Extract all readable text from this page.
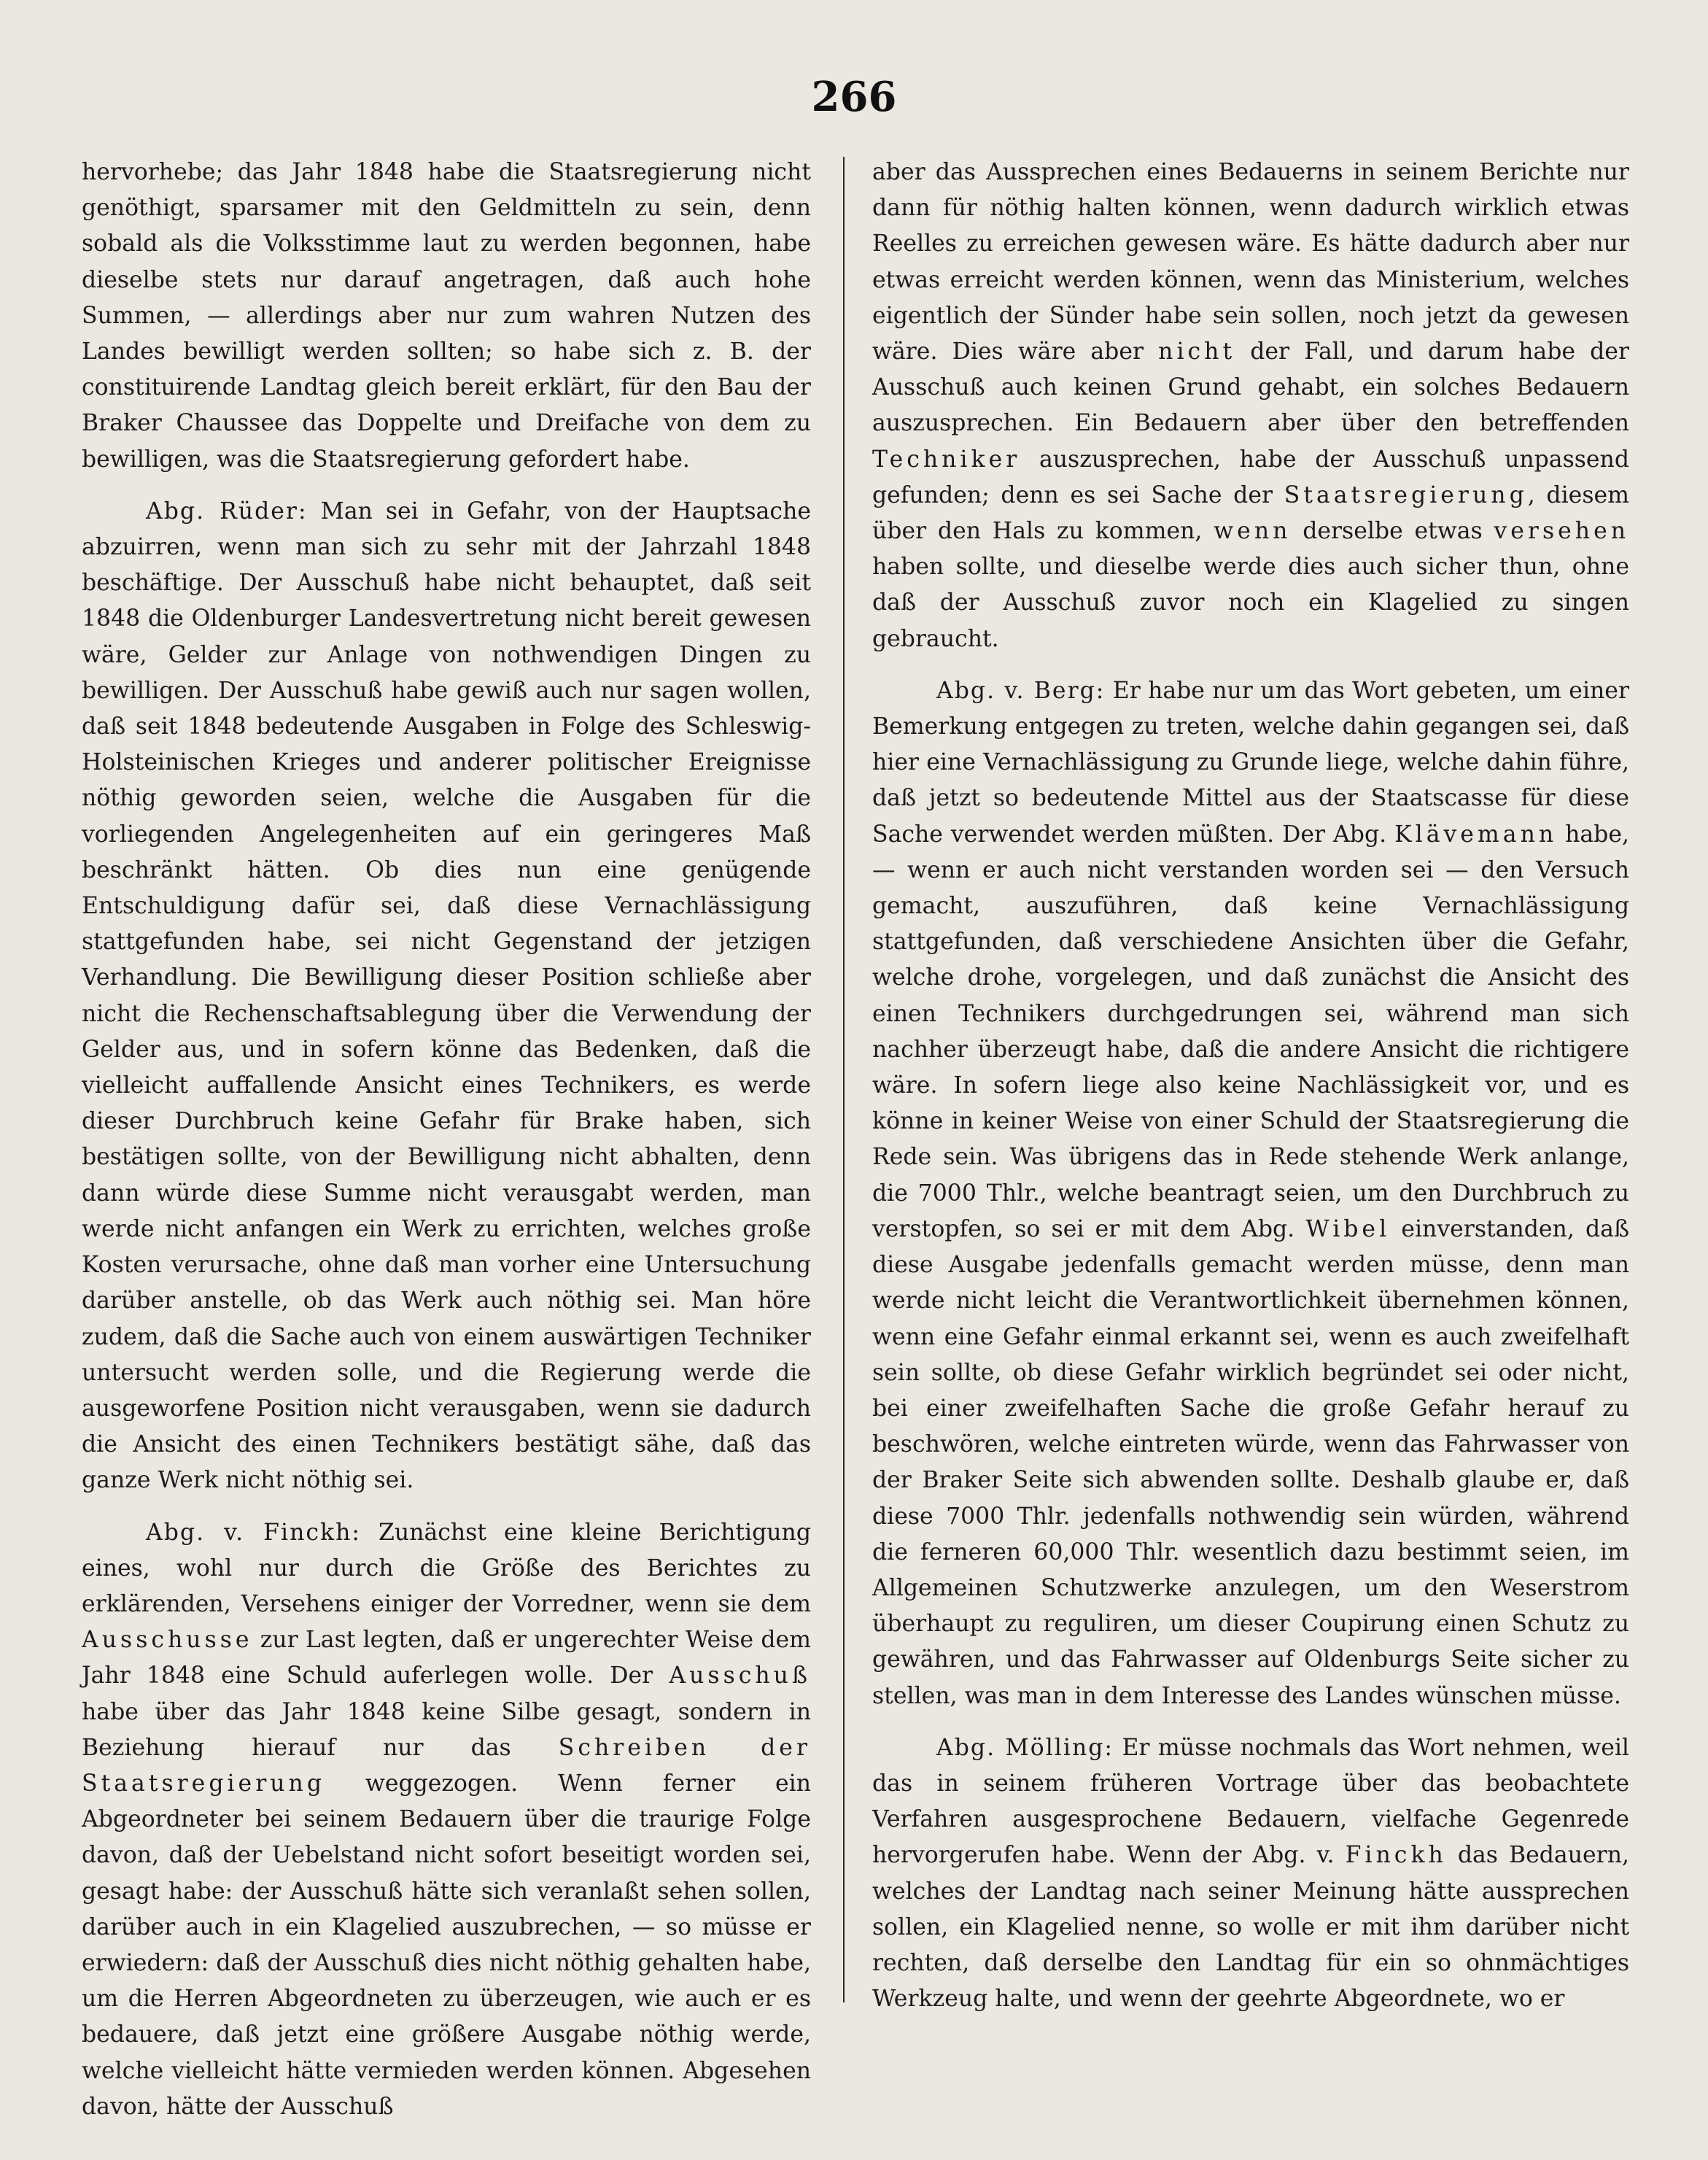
266

hervorhebe; das Jahr 1848 habe die Staatsregierung nicht genöthigt, sparsamer mit den Geldmitteln zu sein, denn sobald als die Volksstimme laut zu werden begonnen, habe dieselbe stets nur darauf angetragen, daß auch hohe Summen, — allerdings aber nur zum wahren Nutzen des Landes bewilligt werden sollten; so habe sich z. B. der constituirende Landtag gleich bereit erklärt, für den Bau der Braker Chaussee das Doppelte und Dreifache von dem zu bewilligen, was die Staatsregierung gefordert habe.

Abg. Rüder: Man sei in Gefahr, von der Hauptsache abzuirren, wenn man sich zu sehr mit der Jahrzahl 1848 beschäftige. Der Ausschuß habe nicht behauptet, daß seit 1848 die Oldenburger Landesvertretung nicht bereit gewesen wäre, Gelder zur Anlage von nothwendigen Dingen zu bewilligen. Der Ausschuß habe gewiß auch nur sagen wollen, daß seit 1848 bedeutende Ausgaben in Folge des Schleswig-Holsteinischen Krieges und anderer politischer Ereignisse nöthig geworden seien, welche die Ausgaben für die vorliegenden Angelegenheiten auf ein geringeres Maß beschränkt hätten. Ob dies nun eine genügende Entschuldigung dafür sei, daß diese Vernachlässigung stattgefunden habe, sei nicht Gegenstand der jetzigen Verhandlung. Die Bewilligung dieser Position schließe aber nicht die Rechenschaftsablegung über die Verwendung der Gelder aus, und in sofern könne das Bedenken, daß die vielleicht auffallende Ansicht eines Technikers, es werde dieser Durchbruch keine Gefahr für Brake haben, sich bestätigen sollte, von der Bewilligung nicht abhalten, denn dann würde diese Summe nicht verausgabt werden, man werde nicht anfangen ein Werk zu errichten, welches große Kosten verursache, ohne daß man vorher eine Untersuchung darüber anstelle, ob das Werk auch nöthig sei. Man höre zudem, daß die Sache auch von einem auswärtigen Techniker untersucht werden solle, und die Regierung werde die ausgeworfene Position nicht verausgaben, wenn sie dadurch die Ansicht des einen Technikers bestätigt sähe, daß das ganze Werk nicht nöthig sei.

Abg. v. Finckh: Zunächst eine kleine Berichtigung eines, wohl nur durch die Größe des Berichtes zu erklärenden, Versehens einiger der Vorredner, wenn sie dem Ausschusse zur Last legten, daß er ungerechter Weise dem Jahr 1848 eine Schuld auferlegen wolle. Der Ausschuß habe über das Jahr 1848 keine Silbe gesagt, sondern in Beziehung hierauf nur das Schreiben der Staatsregierung weggezogen. Wenn ferner ein Abgeordneter bei seinem Bedauern über die traurige Folge davon, daß der Uebelstand nicht sofort beseitigt worden sei, gesagt habe: der Ausschuß hätte sich veranlaßt sehen sollen, darüber auch in ein Klagelied auszubrechen, — so müsse er erwiedern: daß der Ausschuß dies nicht nöthig gehalten habe, um die Herren Abgeordneten zu überzeugen, wie auch er es bedauere, daß jetzt eine größere Ausgabe nöthig werde, welche vielleicht hätte vermieden werden können. Abgesehen davon, hätte der Ausschuß

aber das Aussprechen eines Bedauerns in seinem Berichte nur dann für nöthig halten können, wenn dadurch wirklich etwas Reelles zu erreichen gewesen wäre. Es hätte dadurch aber nur etwas erreicht werden können, wenn das Ministerium, welches eigentlich der Sünder habe sein sollen, noch jetzt da gewesen wäre. Dies wäre aber nicht der Fall, und darum habe der Ausschuß auch keinen Grund gehabt, ein solches Bedauern auszusprechen. Ein Bedauern aber über den betreffenden Techniker auszusprechen, habe der Ausschuß unpassend gefunden; denn es sei Sache der Staatsregierung, diesem über den Hals zu kommen, wenn derselbe etwas versehen haben sollte, und dieselbe werde dies auch sicher thun, ohne daß der Ausschuß zuvor noch ein Klagelied zu singen gebraucht.

Abg. v. Berg: Er habe nur um das Wort gebeten, um einer Bemerkung entgegen zu treten, welche dahin gegangen sei, daß hier eine Vernachlässigung zu Grunde liege, welche dahin führe, daß jetzt so bedeutende Mittel aus der Staatscasse für diese Sache verwendet werden müßten. Der Abg. Klävemann habe, — wenn er auch nicht verstanden worden sei — den Versuch gemacht, auszuführen, daß keine Vernachlässigung stattgefunden, daß verschiedene Ansichten über die Gefahr, welche drohe, vorgelegen, und daß zunächst die Ansicht des einen Technikers durchgedrungen sei, während man sich nachher überzeugt habe, daß die andere Ansicht die richtigere wäre. In sofern liege also keine Nachlässigkeit vor, und es könne in keiner Weise von einer Schuld der Staatsregierung die Rede sein. Was übrigens das in Rede stehende Werk anlange, die 7000 Thlr., welche beantragt seien, um den Durchbruch zu verstopfen, so sei er mit dem Abg. Wibel einverstanden, daß diese Ausgabe jedenfalls gemacht werden müsse, denn man werde nicht leicht die Verantwortlichkeit übernehmen können, wenn eine Gefahr einmal erkannt sei, wenn es auch zweifelhaft sein sollte, ob diese Gefahr wirklich begründet sei oder nicht, bei einer zweifelhaften Sache die große Gefahr herauf zu beschwören, welche eintreten würde, wenn das Fahrwasser von der Braker Seite sich abwenden sollte. Deshalb glaube er, daß diese 7000 Thlr. jedenfalls nothwendig sein würden, während die ferneren 60,000 Thlr. wesentlich dazu bestimmt seien, im Allgemeinen Schutzwerke anzulegen, um den Weserstrom überhaupt zu reguliren, um dieser Coupirung einen Schutz zu gewähren, und das Fahrwasser auf Oldenburgs Seite sicher zu stellen, was man in dem Interesse des Landes wünschen müsse.

Abg. Mölling: Er müsse nochmals das Wort nehmen, weil das in seinem früheren Vortrage über das beobachtete Verfahren ausgesprochene Bedauern, vielfache Gegenrede hervorgerufen habe. Wenn der Abg. v. Finckh das Bedauern, welches der Landtag nach seiner Meinung hätte aussprechen sollen, ein Klagelied nenne, so wolle er mit ihm darüber nicht rechten, daß derselbe den Landtag für ein so ohnmächtiges Werkzeug halte, und wenn der geehrte Abgeordnete, wo er
